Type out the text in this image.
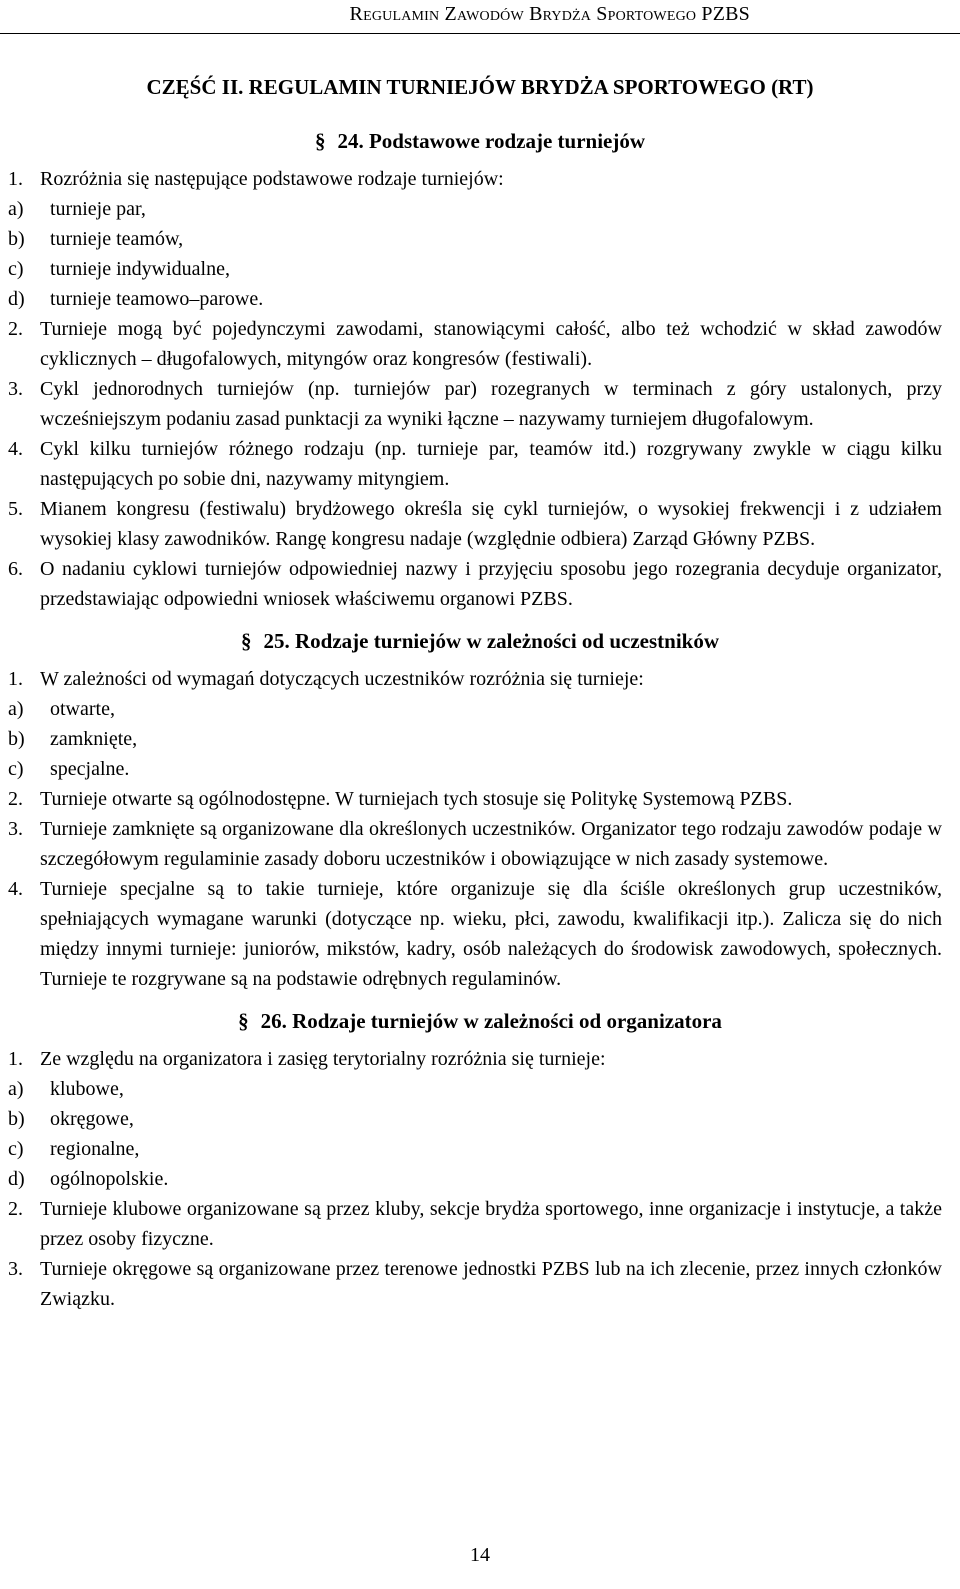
Regulamin Zawodów Brydża Sportowego PZBS
CZĘŚĆ II. REGULAMIN TURNIEJÓW BRYDŻA SPORTOWEGO (RT)
§ 24. Podstawowe rodzaje turniejów
1. Rozróżnia się następujące podstawowe rodzaje turniejów:
a) turnieje par,
b) turnieje teamów,
c) turnieje indywidualne,
d) turnieje teamowo–parowe.
2. Turnieje mogą być pojedynczymi zawodami, stanowiącymi całość, albo też wchodzić w skład zawodów cyklicznych – długofalowych, mityngów oraz kongresów (festiwali).
3. Cykl jednorodnych turniejów (np. turniejów par) rozegranych w terminach z góry ustalonych, przy wcześniejszym podaniu zasad punktacji za wyniki łączne – nazywamy turniejem długofalowym.
4. Cykl kilku turniejów różnego rodzaju (np. turnieje par, teamów itd.) rozgrywany zwykle w ciągu kilku następujących po sobie dni, nazywamy mityngiem.
5. Mianem kongresu (festiwalu) brydżowego określa się cykl turniejów, o wysokiej frekwencji i z udziałem wysokiej klasy zawodników. Rangę kongresu nadaje (względnie odbiera) Zarząd Główny PZBS.
6. O nadaniu cyklowi turniejów odpowiedniej nazwy i przyjęciu sposobu jego rozegrania decyduje organizator, przedstawiając odpowiedni wniosek właściwemu organowi PZBS.
§ 25. Rodzaje turniejów w zależności od uczestników
1. W zależności od wymagań dotyczących uczestników rozróżnia się turnieje:
a) otwarte,
b) zamknięte,
c) specjalne.
2. Turnieje otwarte są ogólnodostępne. W turniejach tych stosuje się Politykę Systemową PZBS.
3. Turnieje zamknięte są organizowane dla określonych uczestników. Organizator tego rodzaju zawodów podaje w szczegółowym regulaminie zasady doboru uczestników i obowiązujące w nich zasady systemowe.
4. Turnieje specjalne są to takie turnieje, które organizuje się dla ściśle określonych grup uczestników, spełniających wymagane warunki (dotyczące np. wieku, płci, zawodu, kwalifikacji itp.). Zalicza się do nich między innymi turnieje: juniorów, mikstów, kadry, osób należących do środowisk zawodowych, społecznych. Turnieje te rozgrywane są na podstawie odrębnych regulaminów.
§ 26. Rodzaje turniejów w zależności od organizatora
1. Ze względu na organizatora i zasięg terytorialny rozróżnia się turnieje:
a) klubowe,
b) okręgowe,
c) regionalne,
d) ogólnopolskie.
2. Turnieje klubowe organizowane są przez kluby, sekcje brydża sportowego, inne organizacje i instytucje, a także przez osoby fizyczne.
3. Turnieje okręgowe są organizowane przez terenowe jednostki PZBS lub na ich zlecenie, przez innych członków Związku.
14
